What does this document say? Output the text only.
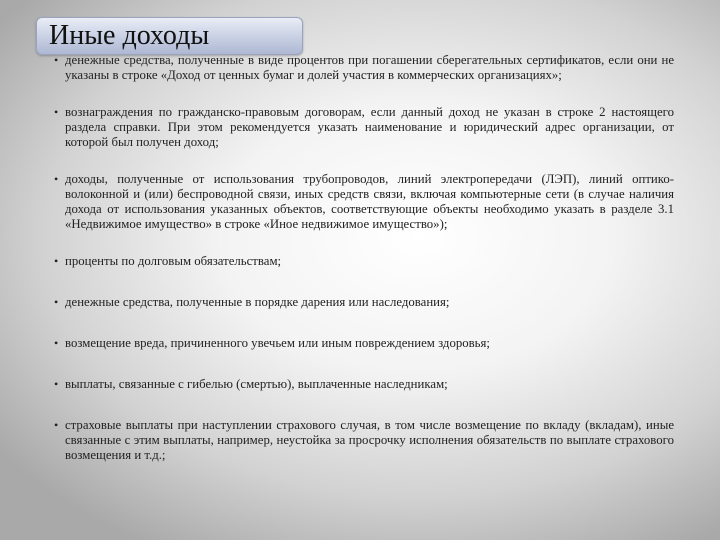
Иные доходы
• денежные средства, полученные в виде процентов при погашении сберегательных сертификатов, если они не указаны в строке «Доход от ценных бумаг и долей участия в коммерческих организациях»;
• вознаграждения по гражданско-правовым договорам, если данный доход не указан в строке 2 настоящего раздела справки. При этом рекомендуется указать наименование и юридический адрес организации, от которой был получен доход;
• доходы, полученные от использования трубопроводов, линий электропередачи (ЛЭП), линий оптико-волоконной и (или) беспроводной связи, иных средств связи, включая компьютерные сети (в случае наличия дохода от использования указанных объектов, соответствующие объекты необходимо указать в разделе 3.1 «Недвижимое имущество» в строке «Иное недвижимое имущество»);
• проценты по долговым обязательствам;
• денежные средства, полученные в порядке дарения или наследования;
• возмещение вреда, причиненного увечьем или иным повреждением здоровья;
• выплаты, связанные с гибелью (смертью), выплаченные наследникам;
• страховые выплаты при наступлении страхового случая, в том числе возмещение по вкладу (вкладам), иные связанные с этим выплаты, например, неустойка за просрочку исполнения обязательств по выплате страхового возмещения и т.д.;
